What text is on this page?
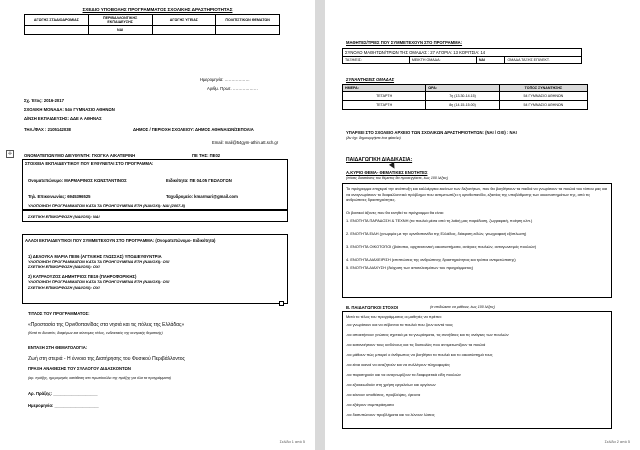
ΣΧΕΔΙΟ ΥΠΟΒΟΛΗΣ ΠΡΟΓΡΑΜΜΑΤΟΣ ΣΧΟΛΙΚΗΣ ΔΡΑΣΤΗΡΙΟΤΗΤΑΣ
ΑΓΩΓΗΣ ΣΤΑΔΙΟΔΡΟΜΙΑΣ	ΠΕΡΙΒΑΛΛΟΝΤΙΚΗΣ ΕΚΠΑΙΔΕΥΣΗΣ	ΑΓΩΓΗΣ ΥΓΕΙΑΣ	ΠΟΛΙΤΙΣΤΙΚΩΝ ΘΕΜΑΤΩΝ
	ΝΑΙ		
Ημερομηνία: ………………
Αριθμ. Πρωτ. ………………
Σχ. Έτος: 2016-2017
ΣΧΟΛΙΚΗ ΜΟΝΑΔΑ: 54ο ΓΥΜΝΑΣΙΟ ΑΘΗΝΩΝ
Δ/ΝΣΗ ΕΚΠΑΙΔΕΥΣΗΣ: ΔΔΕ Α ΑΘΗΝΑΣ
ΤΗΛ./ΦΑΧ : 2105142038	ΔΗΜΟΣ / ΠΕΡΙΟΧΗ ΣΧΟΛΕΙΟΥ: ΔΗΜΟΣ ΑΘΗΝΑΙΩΝ/ΣΕΠΟΛΙΑ
Email: mail@54gym-athin.att.sch.gr
✛	ΟΝΟΜΑΤΕΠΩΝΥΜΟ ΔΙΕΥΘΥΝΤΗ: ΓΚΟΓΚΑ ΑΙΚΑΤΕΡΙΝΗ	ΠΕ ΤΗΣ: ΠΕ02
ΣΤΟΙΧΕΙΑ ΕΚΠΑΙΔΕΥΤΙΚΟΥ ΠΟΥ ΕΥΘΥΝΕΤΑΙ ΣΤΟ ΠΡΟΓΡΑΜΜΑ:
Ονοματεπώνυμο: ΜΑΡΜΑΡΙΝΟΣ ΚΩΝΣΤΑΝΤΙΝΟΣ	Ειδικότητα: ΠΕ 04.05 ΓΕΩΛΟΓΩΝ
Τηλ. Επικοινωνίας: 6945396525	Ταχυδρομείο: kmarmari@gmail.com
ΥΛΟΠΟΙΗΣΗ ΠΡΟΓΡΑΜΜΑΤΩΝ ΚΑΤΑ ΤΑ ΠΡΟΗΓΟΥΜΕΝΑ ΕΤΗ (ΝΑΙ/ΟΧΙ): ΝΑΙ (2007-8)
ΣΧΕΤΙΚΗ ΕΠΙΜΟΡΦΩΣΗ (ΝΑΙ/ΟΧΙ): ΝΑΙ
ΑΛΛΟΙ ΕΚΠΑΙΔΕΥΤΙΚΟΙ ΠΟΥ ΣΥΜΜΕΤΕΧΟΥΝ ΣΤΟ ΠΡΟΓΡΑΜΜΑ: (Ονοματεπώνυμο- Ειδικότητα)
1) ΔΕΛΟΥΚΑ ΜΑΡΙΑ ΠΕ06 (ΑΓΓΛΙΚΗΣ ΓΛΩΣΣΑΣ) ΥΠΟΔΙΕΥΘΥΝΤΡΙΑ
ΥΛΟΠΟΙΗΣΗ ΠΡΟΓΡΑΜΜΑΤΩΝ ΚΑΤΑ ΤΑ ΠΡΟΗΓΟΥΜΕΝΑ ΕΤΗ (ΝΑΙ/ΟΧΙ): ΟΧΙ
ΣΧΕΤΙΚΗ ΕΠΙΜΟΡΦΩΣΗ (ΝΑΙ/ΟΧΙ): ΟΧΙ
2) ΚΑΤΡΑΟΥΖΟΣ ΔΗΜΗΤΡΙΟΣ ΠΕ19 (ΠΛΗΡΟΦΟΡΙΚΗΣ)
ΥΛΟΠΟΙΗΣΗ ΠΡΟΓΡΑΜΜΑΤΩΝ ΚΑΤΑ ΤΑ ΠΡΟΗΓΟΥΜΕΝΑ ΕΤΗ (ΝΑΙ/ΟΧΙ): ΟΧΙ
ΣΧΕΤΙΚΗ ΕΠΙΜΟΡΦΩΣΗ (ΝΑΙ/ΟΧΙ): ΟΧΙ
ΤΙΤΛΟΣ ΤΟΥ ΠΡΟΓΡΑΜΜΑΤΟΣ:
«Προστασία της Ορνιθοπανίδας στα νησιά και τις πόλεις της Ελλάδας»
(Κατά το δυνατόν, διαφέρων και σύντομος τίτλος, ενδεικτικός της κεντρικής θεματικής)
ΕΝΤΑΞΗ ΣΤΗ ΘΕΜΑΤΟΛΟΓΙΑ:
Ζωή στη στεριά - Η έννοια της Διατήρησης του Φυσικού Περιβάλλοντος
ΠΡΑΞΗ ΑΝΑΘΕΣΗΣ ΤΟΥ ΣΥΛΛΟΓΟΥ ΔΙΔΑΣΚΟΝΤΩΝ
(αρ. πράξης, ημερομηνία, κατάθεση στο πρωτόκολλο της πράξης για όλα τα προγράμματα)
Αρ. Πράξης: ___________________
Ημερομηνία: ___________________
Σελίδα 1 από 5
ΜΑΘΗΤΕΣ/ΤΡΙΕΣ ΠΟΥ ΣΥΜΜΕΤΕΧΟΥΝ ΣΤΟ ΠΡΟΓΡΑΜΜΑ:
ΣΥΝΟΛΟ ΜΑΘΗΤΩΝ/ΤΡΙΩΝ ΤΗΣ ΟΜΑΔΑΣ : 27 ΑΓΟΡΙΑ: 13 ΚΟΡΙΤΣΙΑ: 14
ΤΑΞΗ/ΕΙΣ:	ΜΕΙΚΤΗ ΟΜΑΔΑ:	ΝΑΙ	ΟΜΑΔΑ ΤΑΞΗΣ ΕΠΙΛΕΚΤ.
ΣΥΝΑΝΤΗΣΕΙΣ ΟΜΑΔΑΣ
ΗΜΕΡΑ:	ΩΡΑ:	ΤΟΠΟΣ ΣΥΝΑΝΤΗΣΗΣ
ΤΕΤΑΡΤΗ	7η (13.30-14.15)	54 ΓΥΜΝΑΣΙΟ ΑΘΗΝΩΝ
ΤΕΤΑΡΤΗ	8η (14.15-15.00)	54 ΓΥΜΝΑΣΙΟ ΑΘΗΝΩΝ
ΥΠΑΡΧΕΙ ΣΤΟ ΣΧΟΛΕΙΟ ΑΡΧΕΙΟ ΤΩΝ ΣΧΟΛΙΚΩΝ ΔΡΑΣΤΗΡΙΟΤΗΤΩΝ: (ΝΑΙ / ΟΧΙ) : ΝΑΙ
(Αν όχι: δημιουργήστε ένα φάκελο)
ΠΑΙΔΑΓΩΓΙΚΗ ΔΙΑΔΙΚΑΣΙΑ:
Α.ΚΥΡΙΟ ΘΕΜΑ- ΘΕΜΑΤΙΚΕΣ ΕΝΟΤΗΤΕΣ
(πόσες διαστάσεις του θέματος θα προσεγγίσετε, έως 100 λέξεις)
Το πρόγραμμα επιχειρεί την ανάπτυξη και καλλιέργεια εκείνων των δεξιοτήτων, που θα βοηθήσουν τα παιδιά να γνωρίσουν τα πουλιά του τόπου μας και να αναγνωρίσουν το διαφαλλοντικό πρόβλημα που αντιμετωπίζει η ορνιθοπανίδα, εξαιτίας της υποβάθμισης των οικοσυστημάτων της, από τις ανθρώπινες δραστηριότητες.
Οι βασικοί άξονες που θα κινηθεί το πρόγραμμα θα είναι:
1. ΕΝΟΤΗΤΑ ΠΑΡΑΔΟΣΗ & ΤΕΧΝΗ (τα πουλιά μέσα από τη λαϊκή μας παράδοση, ζωγραφική, ποίηση κλπ.)
2. ΕΝΟΤΗΤΑ ΕΙΔΗ (γνωριμία με την ορνιθοπανίδα της Ελλάδας, διάκριση ειδών, γεωγραφική εξάπλωση)
3. ΕΝΟΤΗΤΑ ΟΙΚΟΤΟΠΟΙ (βιότοποι, αρχιτεκτονική οικοσυστήματα, ανάγκες πουλιών, ανταγωνισμός πουλιών)
4. ΕΝΟΤΗΤΑ ΔΙΑΧΕΙΡΙΣΗ (επιπτώσεις της ανθρώπινης δραστηριότητας και τρόποι αντιμετώπισης)
5. ΕΝΟΤΗΤΑ ΔΙΑΧΥΣΗ (διάχυση των αποτελεσμάτων του προγράμματος)
Β. ΠΑΙΔΑΓΩΓΙΚΟΙ ΣΤΟΧΟΙ	(τι επιδιώκετε να μάθουν, έως 100 λέξεις)
Μετά το τέλος του προγράμματος οι μαθητές να πρέπει:
-να γνωρίσουν και να σέβονται τα πουλιά που ζουν κοντά τους
-να αποκτήσουν γνώσεις σχετικά με τα γνωρίσματα, τις συνήθειες και τις ανάγκες των πουλιών
-να κατανοήσουν τους κινδύνους και τις δυσκολίες που αντιμετωπίζουν τα πουλιά
-να μάθουν πώς μπορεί ο άνθρωπος να βοηθήσει τα πουλιά και το οικοσύστημά τους
-να είναι ικανοί να αναζητούν και να συλλέγουν πληροφορίες
-να παρατηρούν και να αναγνωρίζουν τα διαφορετικά είδη πουλιών
-να εξοικειωθούν στη χρήση εργαλείων και οργάνων
-να κάνουν υποθέσεις, προβλέψεις, έρευνα
-να εξάγουν συμπεράσματα
-να διατυπώνουν προβλήματα και να λύνουν λύσεις
Σελίδα 2 από 5
